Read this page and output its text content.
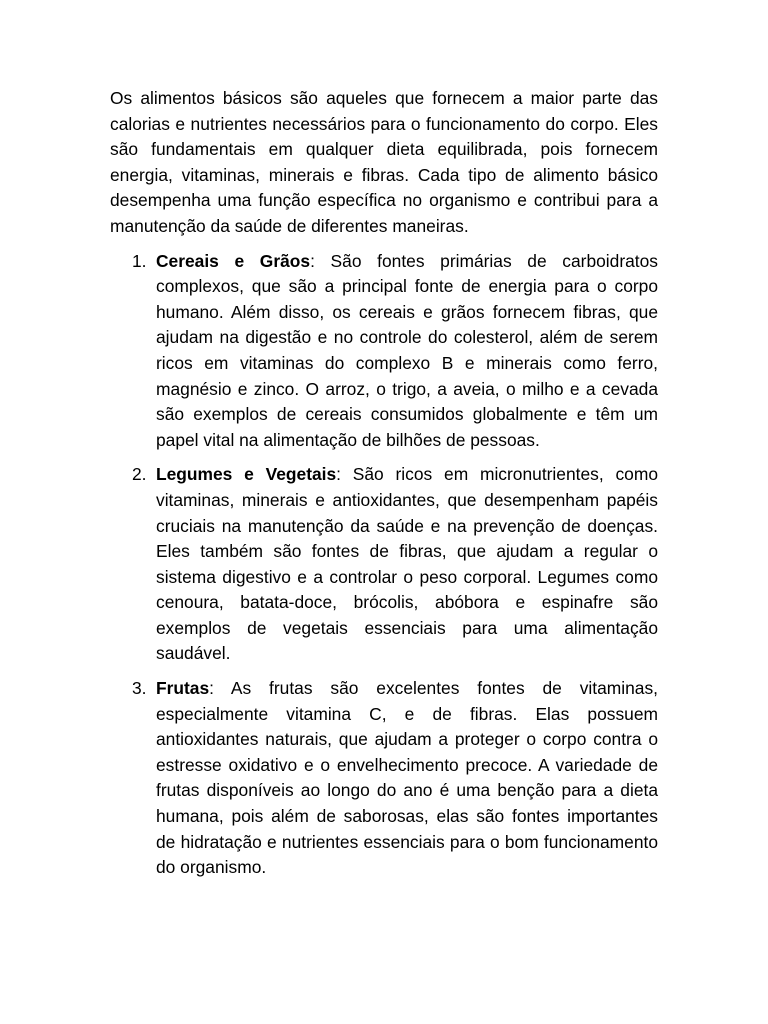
Os alimentos básicos são aqueles que fornecem a maior parte das calorias e nutrientes necessários para o funcionamento do corpo. Eles são fundamentais em qualquer dieta equilibrada, pois fornecem energia, vitaminas, minerais e fibras. Cada tipo de alimento básico desempenha uma função específica no organismo e contribui para a manutenção da saúde de diferentes maneiras.

1. Cereais e Grãos: São fontes primárias de carboidratos complexos, que são a principal fonte de energia para o corpo humano. Além disso, os cereais e grãos fornecem fibras, que ajudam na digestão e no controle do colesterol, além de serem ricos em vitaminas do complexo B e minerais como ferro, magnésio e zinco. O arroz, o trigo, a aveia, o milho e a cevada são exemplos de cereais consumidos globalmente e têm um papel vital na alimentação de bilhões de pessoas.
2. Legumes e Vegetais: São ricos em micronutrientes, como vitaminas, minerais e antioxidantes, que desempenham papéis cruciais na manutenção da saúde e na prevenção de doenças. Eles também são fontes de fibras, que ajudam a regular o sistema digestivo e a controlar o peso corporal. Legumes como cenoura, batata-doce, brócolis, abóbora e espinafre são exemplos de vegetais essenciais para uma alimentação saudável.
3. Frutas: As frutas são excelentes fontes de vitaminas, especialmente vitamina C, e de fibras. Elas possuem antioxidantes naturais, que ajudam a proteger o corpo contra o estresse oxidativo e o envelhecimento precoce. A variedade de frutas disponíveis ao longo do ano é uma benção para a dieta humana, pois além de saborosas, elas são fontes importantes de hidratação e nutrientes essenciais para o bom funcionamento do organismo.
